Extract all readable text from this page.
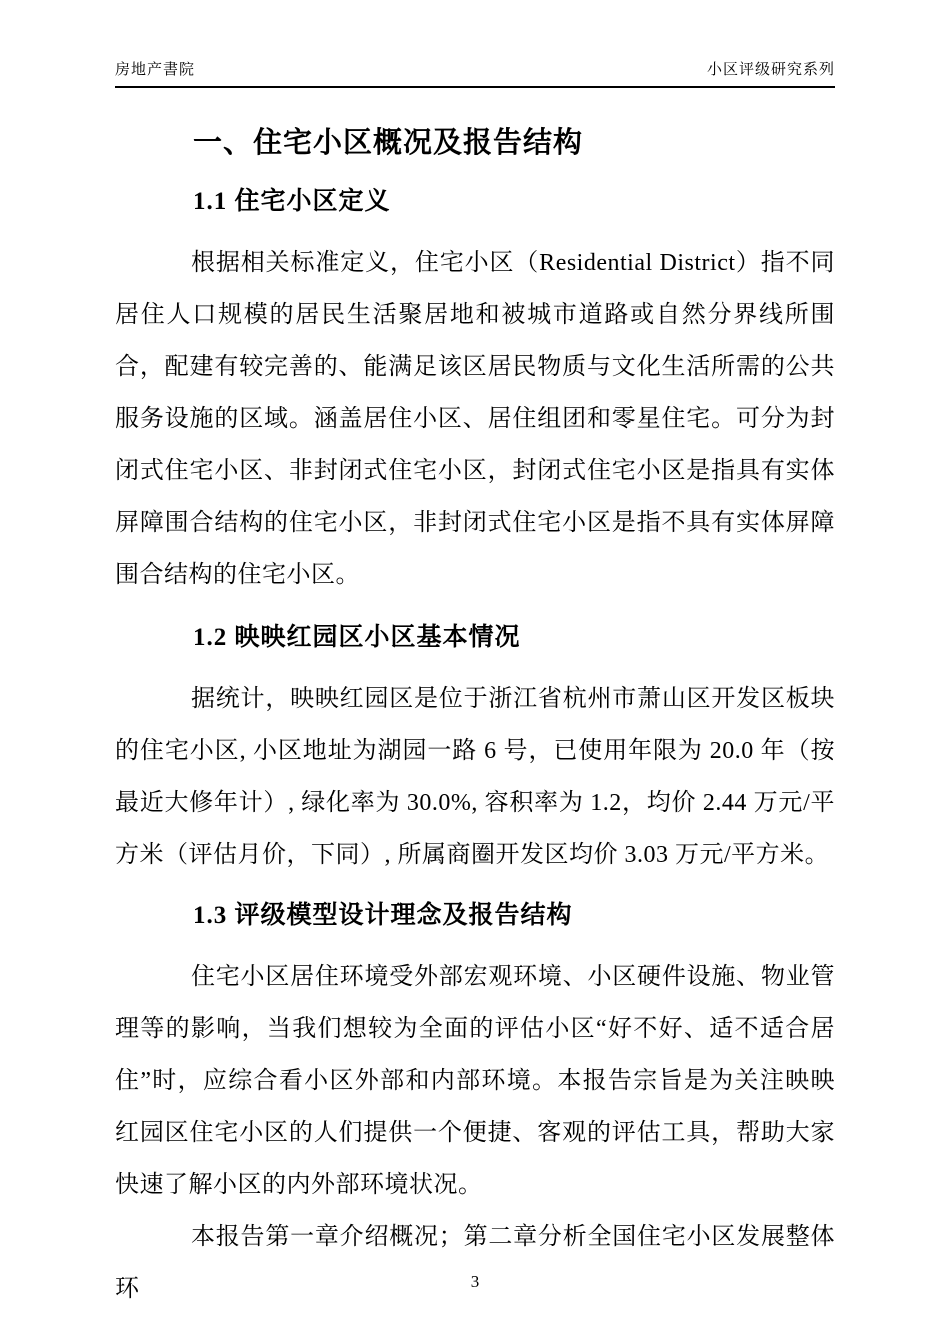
房地产書院	小区评级研究系列
一、住宅小区概况及报告结构
1.1 住宅小区定义

根据相关标准定义，住宅小区（Residential District）指不同居住人口规模的居民生活聚居地和被城市道路或自然分界线所围合，配建有较完善的、能满足该区居民物质与文化生活所需的公共服务设施的区域。涵盖居住小区、居住组团和零星住宅。可分为封闭式住宅小区、非封闭式住宅小区，封闭式住宅小区是指具有实体屏障围合结构的住宅小区，非封闭式住宅小区是指不具有实体屏障围合结构的住宅小区。

1.2 映映红园区小区基本情况

据统计，映映红园区是位于浙江省杭州市萧山区开发区板块的住宅小区, 小区地址为湖园一路 6 号，已使用年限为 20.0 年（按最近大修年计）, 绿化率为 30.0%, 容积率为 1.2，均价 2.44 万元/平方米（评估月价，下同）, 所属商圈开发区均价 3.03 万元/平方米。

1.3 评级模型设计理念及报告结构

住宅小区居住环境受外部宏观环境、小区硬件设施、物业管理等的影响，当我们想较为全面的评估小区“好不好、适不适合居住”时，应综合看小区外部和内部环境。本报告宗旨是为关注映映红园区住宅小区的人们提供一个便捷、客观的评估工具，帮助大家快速了解小区的内外部环境状况。

本报告第一章介绍概况；第二章分析全国住宅小区发展整体环	3
